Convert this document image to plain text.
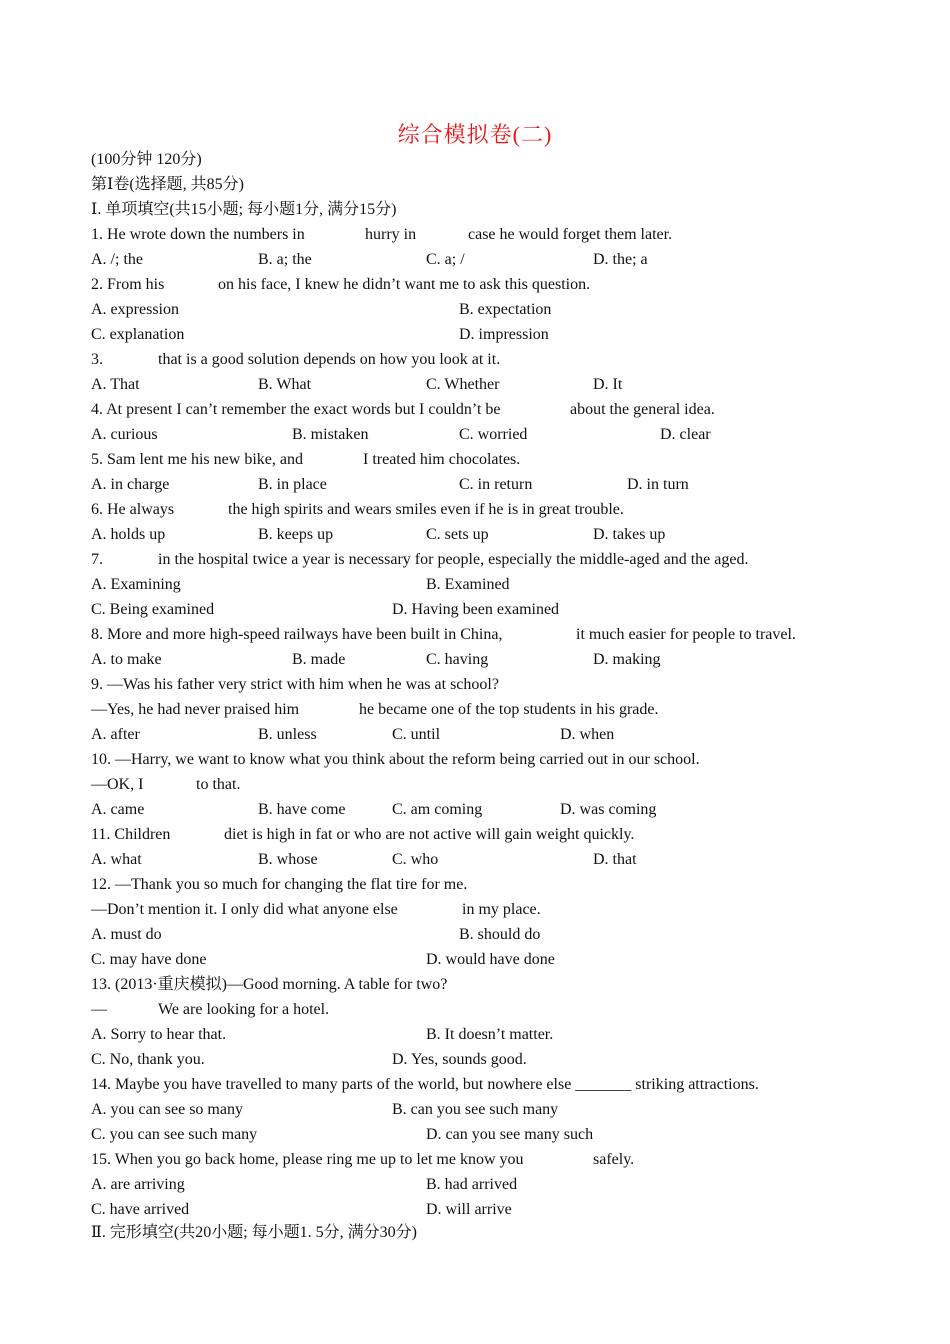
综合模拟卷(二)
(100分钟 120分)
第Ⅰ卷(选择题, 共85分)
Ⅰ. 单项填空(共15小题; 每小题1分, 满分15分)
1. He wrote down the numbers in	hurry in	case he would forget them later.
A. /; the	B. a; the	C. a; /	D. the; a
2. From his	on his face, I knew he didn’t want me to ask this question.
A. expression	B. expectation
C. explanation	D. impression
3.	that is a good solution depends on how you look at it.
A. That	B. What	C. Whether	D. It
4. At present I can’t remember the exact words but I couldn’t be	about the general idea.
A. curious	B. mistaken	C. worried	D. clear
5. Sam lent me his new bike, and	I treated him chocolates.
A. in charge	B. in place	C. in return	D. in turn
6. He always	the high spirits and wears smiles even if he is in great trouble.
A. holds up	B. keeps up	C. sets up	D. takes up
7.	in the hospital twice a year is necessary for people, especially the middle-aged and the aged.
A. Examining	B. Examined
C. Being examined	D. Having been examined
8. More and more high-speed railways have been built in China,	it much easier for people to travel.
A. to make	B. made	C. having	D. making
9. —Was his father very strict with him when he was at school?
—Yes, he had never praised him	he became one of the top students in his grade.
A. after	B. unless	C. until	D. when
10. —Harry, we want to know what you think about the reform being carried out in our school.
—OK, I	to that.
A. came	B. have come	C. am coming	D. was coming
11. Children	diet is high in fat or who are not active will gain weight quickly.
A. what	B. whose	C. who	D. that
12. —Thank you so much for changing the flat tire for me.
—Don’t mention it. I only did what anyone else	in my place.
A. must do	B. should do
C. may have done	D. would have done
13. (2013·重庆模拟)—Good morning. A table for two?
—	We are looking for a hotel.
A. Sorry to hear that.	B. It doesn’t matter.
C. No, thank you.	D. Yes, sounds good.
14. Maybe you have travelled to many parts of the world, but nowhere else _______ striking attractions.
A. you can see so many	B. can you see such many
C. you can see such many	D. can you see many such
15. When you go back home, please ring me up to let me know you	safely.
A. are arriving	B. had arrived
C. have arrived	D. will arrive
Ⅱ. 完形填空(共20小题; 每小题1. 5分, 满分30分)
